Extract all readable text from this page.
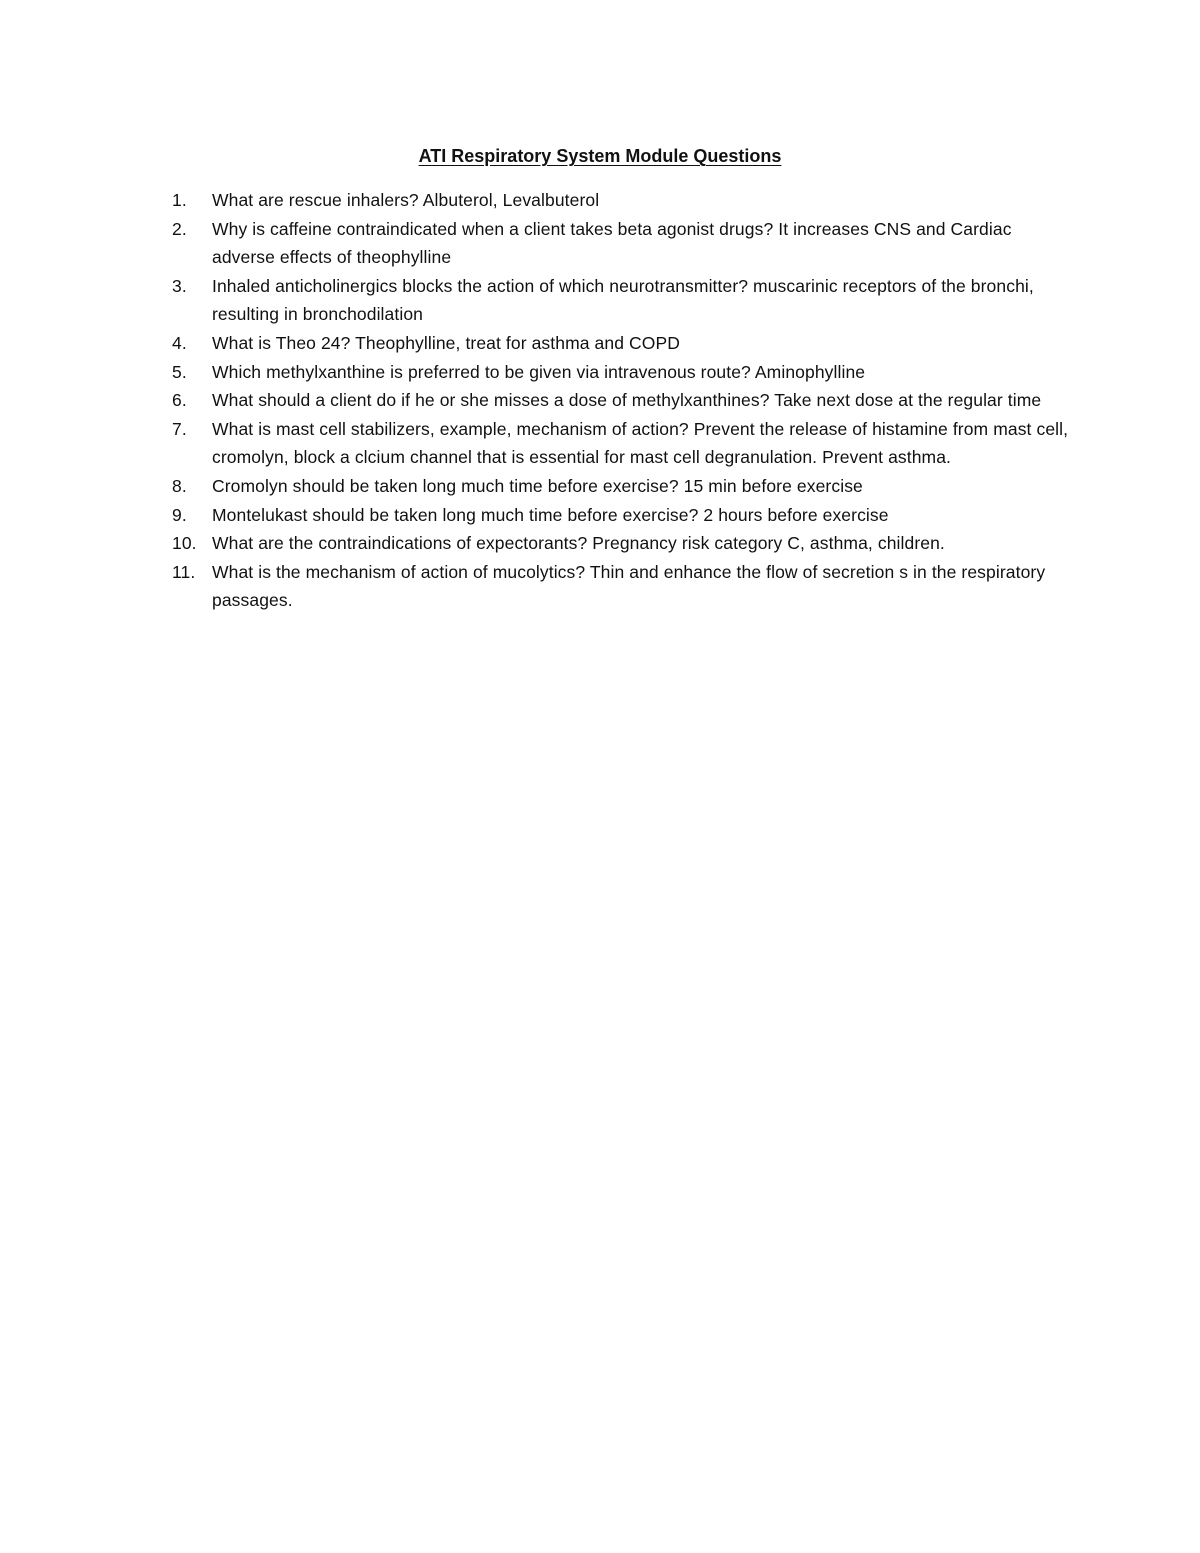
ATI Respiratory System Module Questions
1.	What are rescue inhalers? Albuterol, Levalbuterol
2.	Why is caffeine contraindicated when a client takes beta agonist drugs? It increases CNS and Cardiac adverse effects of theophylline
3.	Inhaled anticholinergics blocks the action of which neurotransmitter? muscarinic receptors of the bronchi, resulting in bronchodilation
4.	What is Theo 24? Theophylline, treat for asthma and COPD
5.	Which methylxanthine is preferred to be given via intravenous route? Aminophylline
6.	What should a client do if he or she misses a dose of methylxanthines? Take next dose at the regular time
7.	What is mast cell stabilizers, example, mechanism of action? Prevent the release of histamine from mast cell, cromolyn, block a clcium channel that is essential for mast cell degranulation. Prevent asthma.
8.	Cromolyn should be taken long much time before exercise? 15 min before exercise
9.	Montelukast should be taken long much time before exercise? 2 hours before exercise
10. What are the contraindications of expectorants? Pregnancy risk category C, asthma, children.
11. What is the mechanism of action of mucolytics? Thin and enhance the flow of secretion s in the respiratory passages.
